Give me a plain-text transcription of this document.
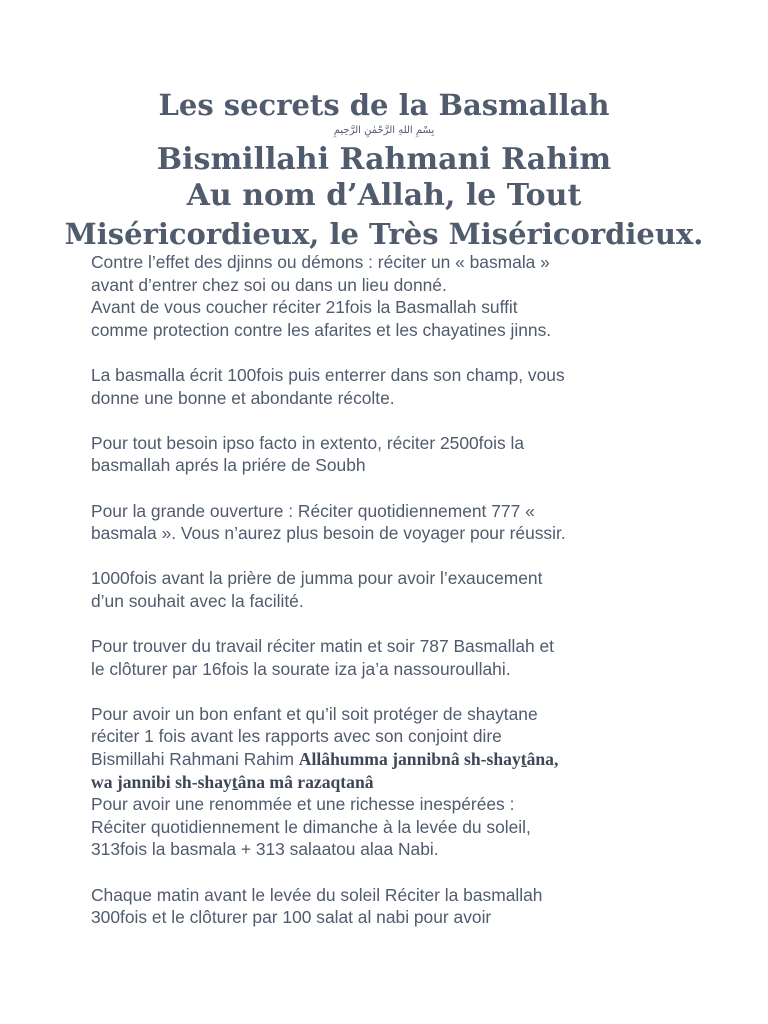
Les secrets de la Basmallah
بِسْمِ اللهِ الرَّحْمٰنِ الرَّحِيمِ
Bismillahi Rahmani Rahim
Au nom d’Allah, le Tout
Miséricordieux, le Très Miséricordieux.

Contre l’effet des djinns ou démons : réciter un « basmala »
avant d’entrer chez soi ou dans un lieu donné.
Avant de vous coucher réciter 21fois la Basmallah suffit
comme protection contre les afarites et les chayatines jinns.

La basmalla écrit 100fois puis enterrer dans son champ, vous
donne une bonne et abondante récolte.

Pour tout besoin ipso facto in extento, réciter 2500fois la
basmallah aprés la priére de Soubh

Pour la grande ouverture : Réciter quotidiennement 777 «
basmala ». Vous n’aurez plus besoin de voyager pour réussir.

1000fois avant la prière de jumma pour avoir l’exaucement
d’un souhait avec la facilité.

Pour trouver du travail réciter matin et soir 787 Basmallah et
le clôturer par 16fois la sourate iza ja’a nassouroullahi.

Pour avoir un bon enfant et qu’il soit protéger de shaytane
réciter 1 fois avant les rapports avec son conjoint dire
Bismillahi Rahmani Rahim Allâhumma jannibnâ sh-shayṯâna,
wa jannibi sh-shayṯâna mâ razaqtanâ
Pour avoir une renommée et une richesse inespérées :
Réciter quotidiennement le dimanche à la levée du soleil,
313fois la basmala + 313 salaatou alaa Nabi.

Chaque matin avant le levée du soleil Réciter la basmallah
300fois et le clôturer par 100 salat al nabi pour avoir
